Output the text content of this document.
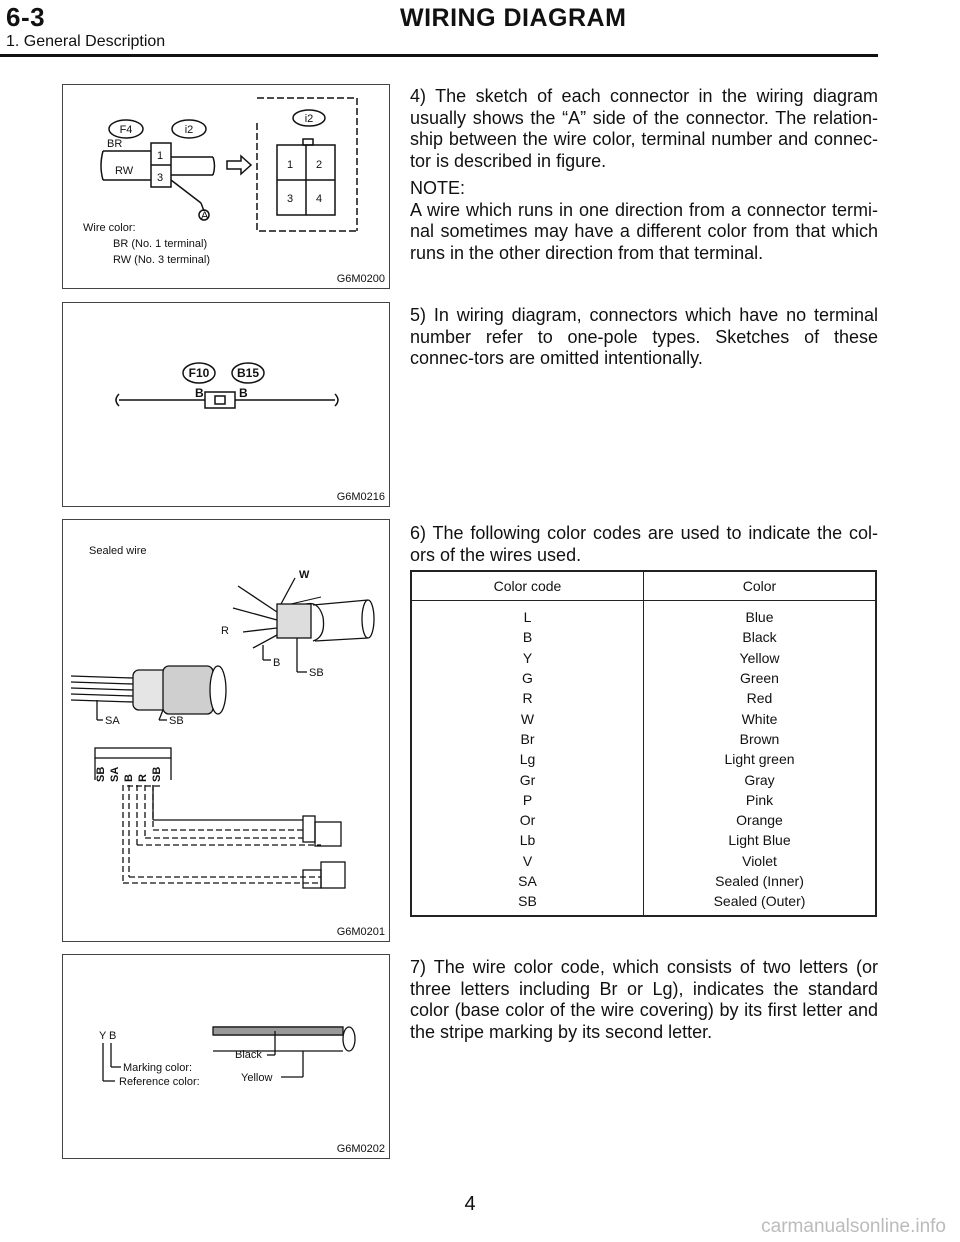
6-3	WIRING DIAGRAM
1. General Description
F4	i2
i2
BR
RW
1
3
A
1 2
3 4
Wire color:
BR (No. 1 terminal)
RW (No. 3 terminal)
G6M0200
F10 B15
B	B
G6M0216
Sealed wire
W
R
B
SB
SA	SB
SB SA B R SB
G6M0201
Y B
Marking color:
Reference color:
Black
Yellow
G6M0202

4) The sketch of each connector in the wiring diagram usually shows the “A” side of the connector. The relation-ship between the wire color, terminal number and connec-tor is described in figure.

NOTE:

A wire which runs in one direction from a connector termi-nal sometimes may have a different color from that which runs in the other direction from that terminal.

5) In wiring diagram, connectors which have no terminal number refer to one-pole types. Sketches of these connec-tors are omitted intentionally.

6) The following color codes are used to indicate the col-ors of the wires used.

Color code	Color
L	Blue
B	Black
Y	Yellow
G	Green
R	Red
W	White
Br	Brown
Lg	Light green
Gr	Gray
P	Pink
Or	Orange
Lb	Light Blue
V	Violet
SA	Sealed (Inner)
SB	Sealed (Outer)

7) The wire color code, which consists of two letters (or three letters including Br or Lg), indicates the standard color (base color of the wire covering) by its first letter and the stripe marking by its second letter.

4
carmanualsonline.info
